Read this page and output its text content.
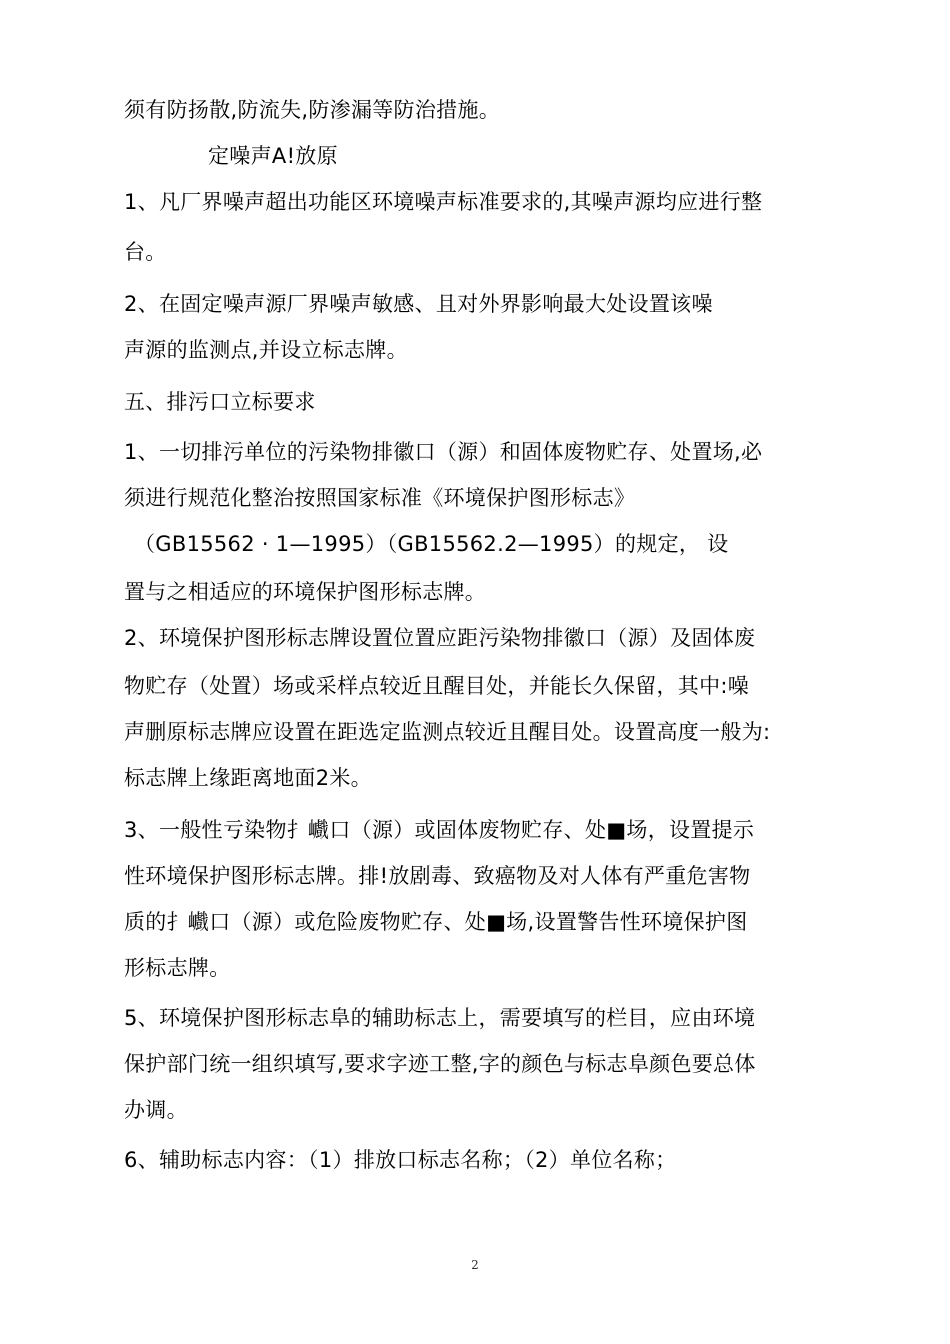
须有防扬散,防流失,防渗漏等防治措施。
定噪声A!放原
1、凡厂界噪声超出功能区环境噪声标准要求的,其噪声源均应进行整
台。
2、在固定噪声源厂界噪声敏感、且对外界影响最大处设置该噪
声源的监测点,并设立标志牌。
五、排污口立标要求
1、一切排污单位的污染物排徽口（源）和固体废物贮存、处置场,必
须进行规范化整治按照国家标准《环境保护图形标志》
（GB15562 · 1—1995）（GB15562.2—1995）的规定， 设
置与之相适应的环境保护图形标志牌。
2、环境保护图形标志牌设置位置应距污染物排徽口（源）及固体废
物贮存（处置）场或采样点较近且醒目处，并能长久保留，其中:噪
声删原标志牌应设置在距选定监测点较近且醒目处。设置高度一般为:
标志牌上缘距离地面2米。
3、一般性亏染物扌巇口（源）或固体废物贮存、处■场，设置提示
性环境保护图形标志牌。排!放剧毒、致癌物及对人体有严重危害物
质的扌巇口（源）或危险废物贮存、处■场,设置警告性环境保护图
形标志牌。
5、环境保护图形标志阜的辅助标志上，需要填写的栏目，应由环境
保护部门统一组织填写,要求字迹工整,字的颜色与标志阜颜色要总体
办调。
6、辅助标志内容：（1）排放口标志名称；（2）单位名称；
2
